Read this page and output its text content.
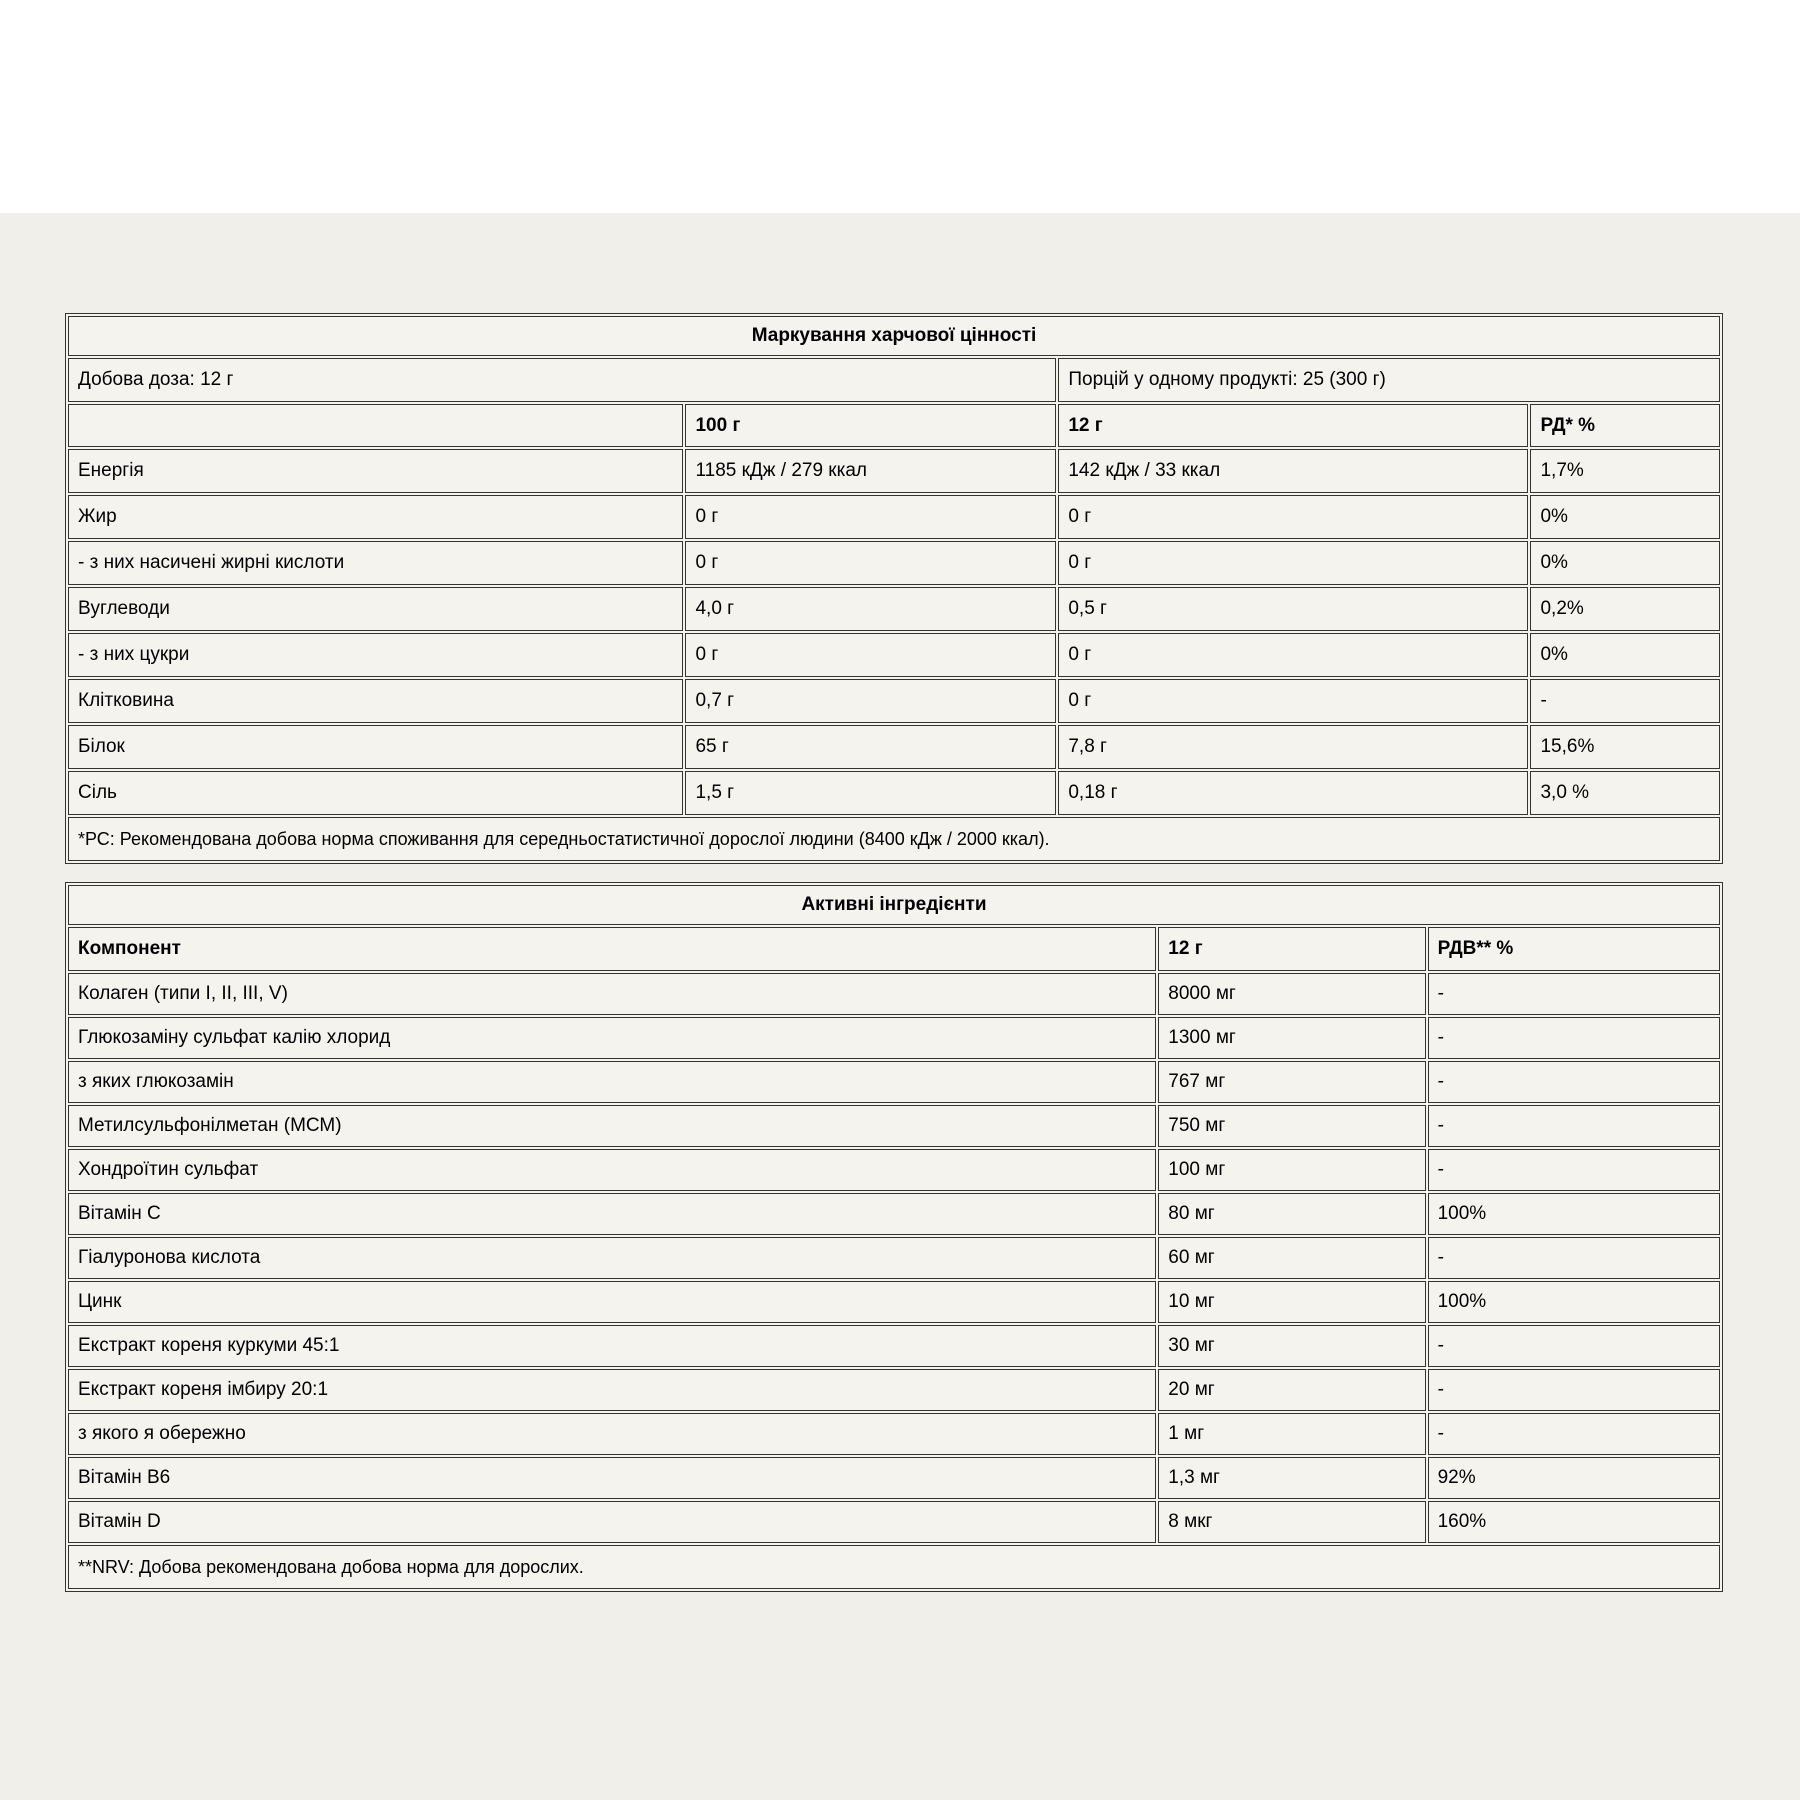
Маркування харчової цінності			
Добова доза: 12 г		Порцій у одному продукті: 25 (300 г)	
	100 г	12 г	РД* %
Енергія	1185 кДж / 279 ккал	142 кДж / 33 ккал	1,7%
Жир	0 г	0 г	0%
- з них насичені жирні кислоти	0 г	0 г	0%
Вуглеводи	4,0 г	0,5 г	0,2%
- з них цукри	0 г	0 г	0%
Клітковина	0,7 г	0 г	-
Білок	65 г	7,8 г	15,6%
Сіль	1,5 г	0,18 г	3,0 %
*РС: Рекомендована добова норма споживання для середньостатистичної дорослої людини (8400 кДж / 2000 ккал).			
Активні інгредієнти		
Компонент	12 г	РДВ** %
Колаген (типи I, II, III, V)	8000 мг	-
Глюкозаміну сульфат калію хлорид	1300 мг	-
з яких глюкозамін	767 мг	-
Метилсульфонілметан (МСМ)	750 мг	-
Хондроїтин сульфат	100 мг	-
Вітамін C	80 мг	100%
Гіалуронова кислота	60 мг	-
Цинк	10 мг	100%
Екстракт кореня куркуми 45:1	30 мг	-
Екстракт кореня імбиру 20:1	20 мг	-
з якого я обережно	1 мг	-
Вітамін B6	1,3 мг	92%
Вітамін D	8 мкг	160%
**NRV: Добова рекомендована добова норма для дорослих.		
